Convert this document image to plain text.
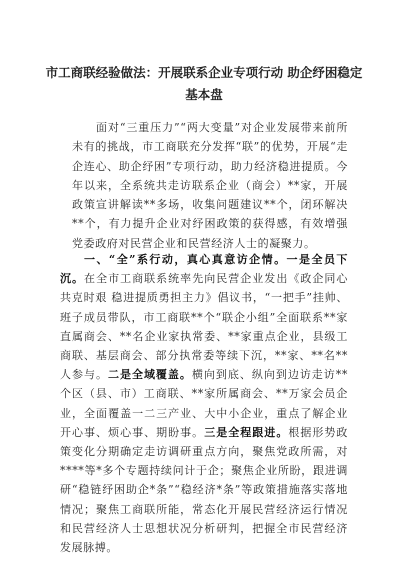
市工商联经验做法：开展联系企业专项行动 助企纾困稳定
基本盘
面对“三重压力”“两大变量”对企业发展带来前所未有的挑战，市工商联充分发挥“联”的优势，开展“走企连心、助企纾困”专项行动，助力经济稳进提质。今年以来，全系统共走访联系企业（商会）**家，开展政策宣讲解读**多场，收集问题建议**个，闭环解决**个，有力提升企业对纾困政策的获得感，有效增强党委政府对民营企业和民营经济人士的凝聚力。
一、“全”系行动，真心真意访企情。一是全员下沉。在全市工商联系统率先向民营企业发出《政企同心共克时艰 稳进提质勇担主力》倡议书，“一把手”挂帅、班子成员带队，市工商联**个“联企小组”全面联系**家直属商会、**名企业家执常委、**家重点企业，县级工商联、基层商会、部分执常委等续下沉，**家、**名**人参与。二是全域覆盖。横向到底、纵向到边访走访**个区（县、市）工商联、**家所属商会、**万家会员企业，全面覆盖一二三产业、大中小企业，重点了解企业开心事、烦心事、期盼事。三是全程跟进。根据形势政策变化分期确定走访调研重点方向，聚焦党政所需，对****等*多个专题持续问计于企；聚焦企业所盼，跟进调研“稳链纾困助企*条”“稳经济*条”等政策措施落实落地情况；聚焦工商联所能，常态化开展民营经济运行情况和民营经济人士思想状况分析研判，把握全市民营经济发展脉搏。
